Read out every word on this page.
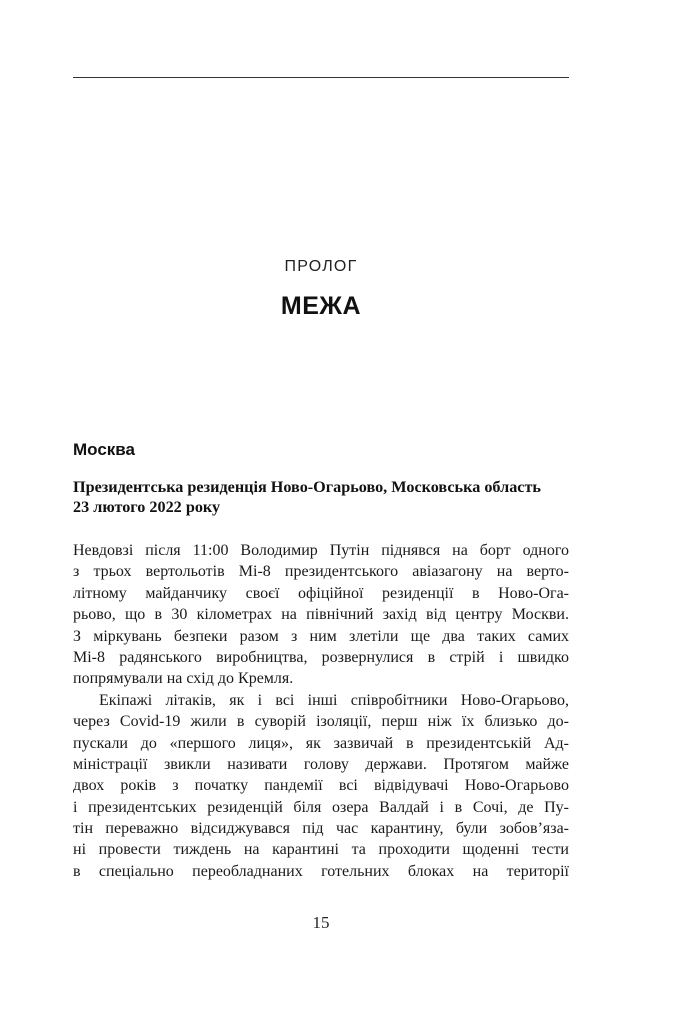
ПРОЛОГ
МЕЖА
Москва
Президентська резиденція Ново-Огарьово, Московська область
23 лютого 2022 року
Невдовзі після 11:00 Володимир Путін піднявся на борт одного
з трьох вертольотів Мі-8 президентського авіазагону на верто-
літному майданчику своєї офіційної резиденції в Ново-Ога-
рьово, що в 30 кілометрах на північний захід від центру Москви.
З міркувань безпеки разом з ним злетіли ще два таких самих
Мі-8 радянського виробництва, розвернулися в стрій і швидко
попрямували на схід до Кремля.
Екіпажі літаків, як і всі інші співробітники Ново-Огарьово,
через Covid-19 жили в суворій ізоляції, перш ніж їх близько до-
пускали до «першого лиця», як зазвичай в президентській Ад-
міністрації звикли називати голову держави. Протягом майже
двох років з початку пандемії всі відвідувачі Ново-Огарьово
і президентських резиденцій біля озера Валдай і в Сочі, де Пу-
тін переважно відсиджувався під час карантину, були зобов’яза-
ні провести тиждень на карантині та проходити щоденні тести
в спеціально переобладнаних готельних блоках на території
15
